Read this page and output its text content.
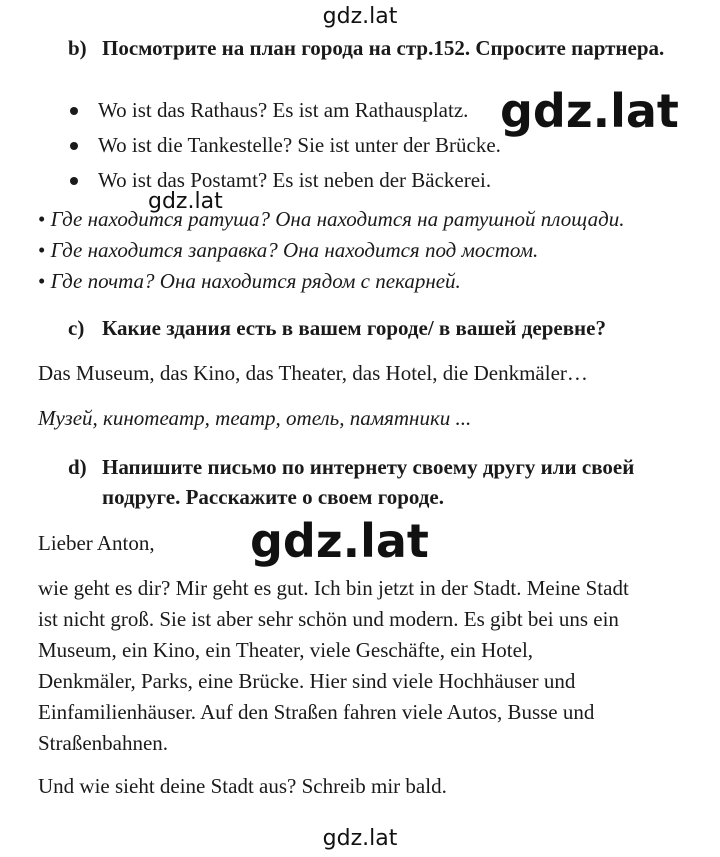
gdz.lat
b) Посмотрите на план города на стр.152. Спросите партнера.
Wo ist das Rathaus? Es ist am Rathausplatz.
Wo ist die Tankestelle? Sie ist unter der Brücke.
Wo ist das Postamt? Es ist neben der Bäckerei.
gdz.lat
gdz.lat
• Где находится ратуша? Она находится на ратушной площади.
• Где находится заправка? Она находится под мостом.
• Где почта? Она находится рядом с пекарней.
c) Какие здания есть в вашем городе/ в вашей деревне?

Das Museum, das Kino, das Theater, das Hotel, die Denkmäler…

Музей, кинотеатр, театр, отель, памятники ...

d) Напишите письмо по интернету своему другу или своей
подруге. Расскажите о своем городе.

Lieber Anton, gdz.lat
wie geht es dir? Mir geht es gut. Ich bin jetzt in der Stadt. Meine Stadt
ist nicht groß. Sie ist aber sehr schön und modern. Es gibt bei uns ein
Museum, ein Kino, ein Theater, viele Geschäfte, ein Hotel,
Denkmäler, Parks, eine Brücke. Hier sind viele Hochhäuser und
Einfamilienhäuser. Auf den Straßen fahren viele Autos, Busse und
Straßenbahnen.

Und wie sieht deine Stadt aus? Schreib mir bald.

gdz.lat
